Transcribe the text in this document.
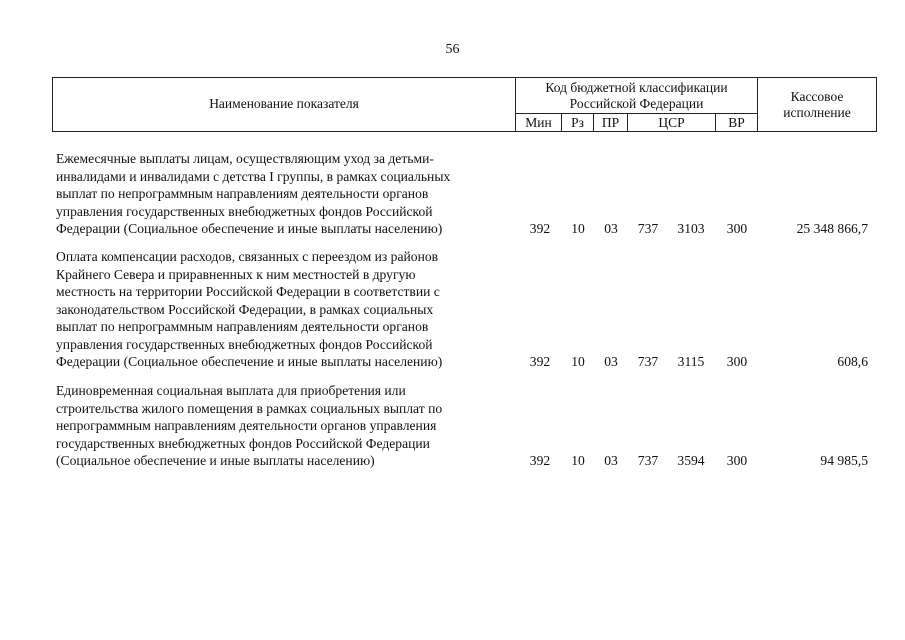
56
Наименование показателя
Код бюджетной классификации
Российской Федерации
Мин	Рз	ПР	ЦСР	ВР
Кассовое
исполнение
Ежемесячные выплаты лицам, осуществляющим уход за детьми-
инвалидами и инвалидами с детства I группы, в рамках социальных
выплат по непрограммным направлениям деятельности органов
управления государственных внебюджетных фондов Российской
Федерации (Социальное обеспечение и иные выплаты населению)	392	10	03	737	3103	300	25 348 866,7
Оплата компенсации расходов, связанных с переездом из районов
Крайнего Севера и приравненных к ним местностей в другую
местность на территории Российской Федерации в соответствии с
законодательством Российской Федерации, в рамках социальных
выплат по непрограммным направлениям деятельности органов
управления государственных внебюджетных фондов Российской
Федерации (Социальное обеспечение и иные выплаты населению)	392	10	03	737	3115	300	608,6
Единовременная социальная выплата для приобретения или
строительства жилого помещения в рамках социальных выплат по
непрограммным направлениям деятельности органов управления
государственных внебюджетных фондов Российской Федерации
(Социальное обеспечение и иные выплаты населению)	392	10	03	737	3594	300	94 985,5
